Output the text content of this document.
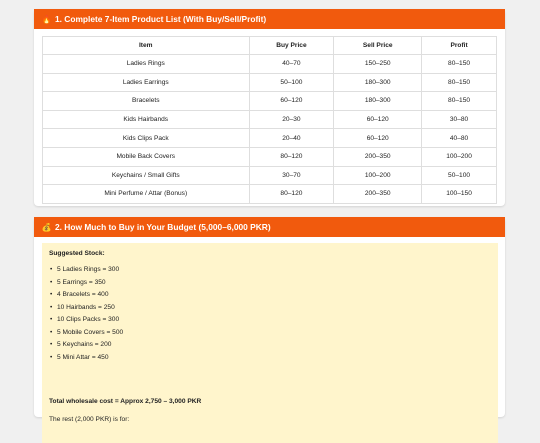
🔥 1. Complete 7-Item Product List (With Buy/Sell/Profit)
Item	Buy Price	Sell Price	Profit
Ladies Rings	40–70	150–250	80–150
Ladies Earrings	50–100	180–300	80–150
Bracelets	60–120	180–300	80–150
Kids Hairbands	20–30	60–120	30–80
Kids Clips Pack	20–40	60–120	40–80
Mobile Back Covers	80–120	200–350	100–200
Keychains / Small Gifts	30–70	100–200	50–100
Mini Perfume / Attar (Bonus)	80–120	200–350	100–150
💰 2. How Much to Buy in Your Budget (5,000–6,000 PKR)
Suggested Stock:
• 5 Ladies Rings = 300
• 5 Earrings = 350
• 4 Bracelets = 400
• 10 Hairbands = 250
• 10 Clips Packs = 300
• 5 Mobile Covers = 500
• 5 Keychains = 200
• 5 Mini Attar = 450
Total wholesale cost = Approx 2,750 – 3,000 PKR
The rest (2,000 PKR) is for:
